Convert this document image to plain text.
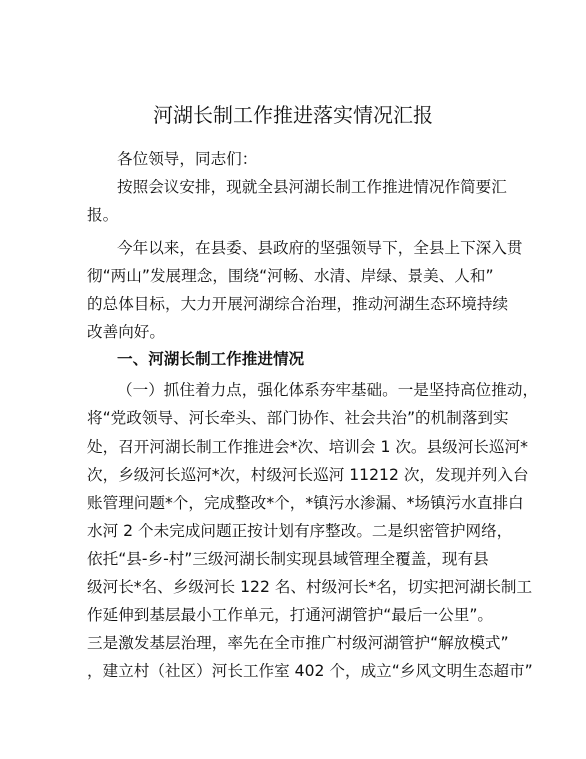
河湖长制工作推进落实情况汇报
各位领导，同志们：
按照会议安排，现就全县河湖长制工作推进情况作简要汇
报。
今年以来，在县委、县政府的坚强领导下，全县上下深入贯
彻“两山”发展理念，围绕“河畅、水清、岸绿、景美、人和”
的总体目标，大力开展河湖综合治理，推动河湖生态环境持续
改善向好。
一、河湖长制工作推进情况
（一）抓住着力点，强化体系夯牢基础。一是坚持高位推动，
将“党政领导、河长牵头、部门协作、社会共治”的机制落到实
处，召开河湖长制工作推进会*次、培训会 1 次。县级河长巡河*
次，乡级河长巡河*次，村级河长巡河 11212 次，发现并列入台
账管理问题*个，完成整改*个，*镇污水渗漏、*场镇污水直排白
水河 2 个未完成问题正按计划有序整改。二是织密管护网络，
依托“县-乡-村”三级河湖长制实现县域管理全覆盖，现有县
级河长*名、乡级河长 122 名、村级河长*名，切实把河湖长制工
作延伸到基层最小工作单元，打通河湖管护“最后一公里”。
三是激发基层治理，率先在全市推广村级河湖管护“解放模式”
，建立村（社区）河长工作室 402 个，成立“乡风文明生态超市”
